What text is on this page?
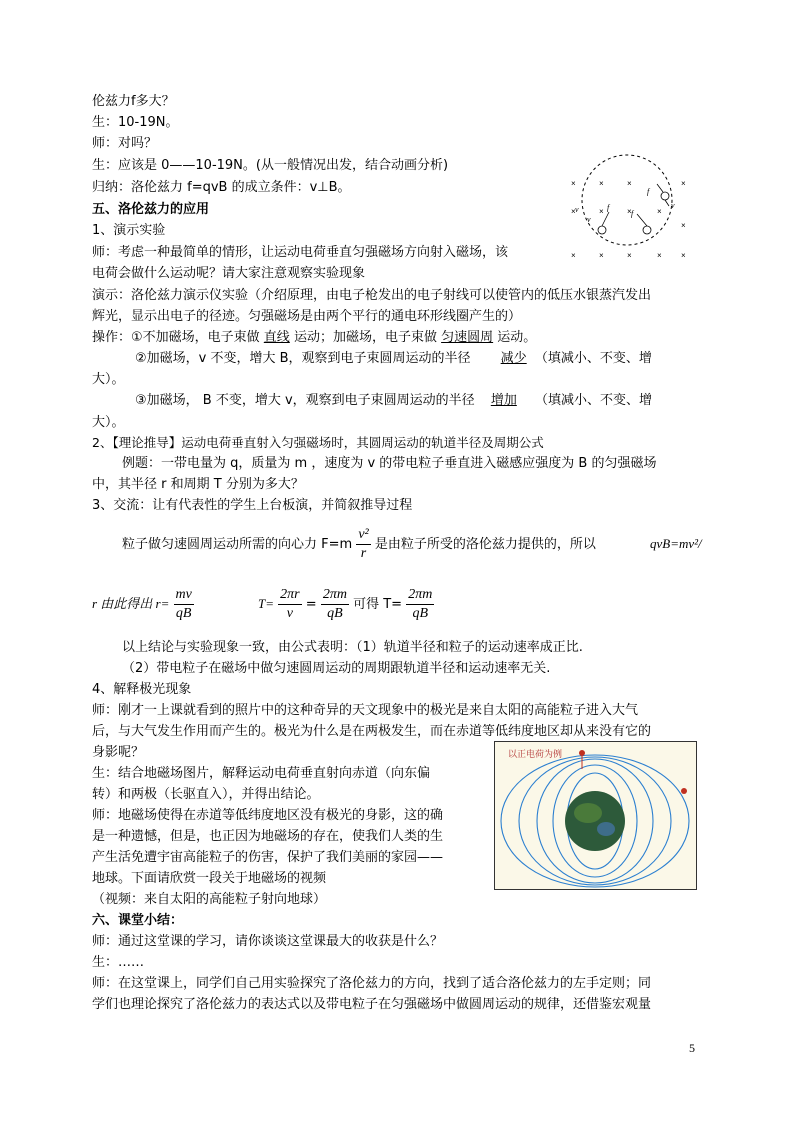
伦兹力f多大？
生：10-19N。
师：对吗？
生：应该是 0——10-19N。(从一般情况出发，结合动画分析)
归纳：洛伦兹力 f=qvB 的成立条件：v⊥B。
五、洛伦兹力的应用
1、演示实验
师：考虑一种最简单的情形，让运动电荷垂直匀强磁场方向射入磁场，该
电荷会做什么运动呢？请大家注意观察实验现象
演示：洛伦兹力演示仪实验（介绍原理，由电子枪发出的电子射线可以使管内的低压水银蒸汽发出
辉光，显示出电子的径迹。匀强磁场是由两个平行的通电环形线圈产生的）
操作：①不加磁场，电子束做 直线 运动；加磁场，电子束做 匀速圆周 运动。
②加磁场，v 不变，增大 B，观察到电子束圆周运动的半径 减少 （填减小、不变、增
大）。
③加磁场， B 不变，增大 v，观察到电子束圆周运动的半径 增加 （填减小、不变、增
大）。
2、【理论推导】运动电荷垂直射入匀强磁场时，其圆周运动的轨道半径及周期公式
例题：一带电量为 q，质量为 m ，速度为 v 的带电粒子垂直进入磁感应强度为 B 的匀强磁场
中，其半径 r 和周期 T 分别为多大？
3、交流：让有代表性的学生上台板演，并简叙推导过程
粒子做匀速圆周运动所需的向心力 $F=m \frac{\text{v²}}{r}$ 是由粒子所受的洛伦兹力提供的，所以	qvB=mv²/
r 由此得出 $r= \frac{mv}{qB}$	$T= \frac{2\pi r}{v} = \frac{2\pi m}{qB}$ 可得 $T= \frac{2\pi m}{qB}$
以上结论与实验现象一致，由公式表明：（1）轨道半径和粒子的运动速率成正比.
（2）带电粒子在磁场中做匀速圆周运动的周期跟轨道半径和运动速率无关.
4、解释极光现象
师：刚才一上课就看到的照片中的这种奇异的天文现象中的极光是来自太阳的高能粒子进入大气
后，与大气发生作用而产生的。极光为什么是在两极发生，而在赤道等低纬度地区却从来没有它的
身影呢？
生：结合地磁场图片，解释运动电荷垂直射向赤道（向东偏
转）和两极（长驱直入），并得出结论。
师：地磁场使得在赤道等低纬度地区没有极光的身影，这的确
是一种遗憾，但是，也正因为地磁场的存在，使我们人类的生
产生活免遭宇宙高能粒子的伤害，保护了我们美丽的家园——
地球。下面请欣赏一段关于地磁场的视频
（视频：来自太阳的高能粒子射向地球）
六、课堂小结：
师：通过这堂课的学习，请你谈谈这堂课最大的收获是什么？
生：……
师：在这堂课上，同学们自己用实验探究了洛伦兹力的方向，找到了适合洛伦兹力的左手定则；同
学们也理论探究了洛伦兹力的表达式以及带电粒子在匀强磁场中做圆周运动的规律，还借鉴宏观量
×
×
×	×	×	× ×
×
×
×
×
×
×	×
f
v
f
v
f
v
以正电荷为例
5
